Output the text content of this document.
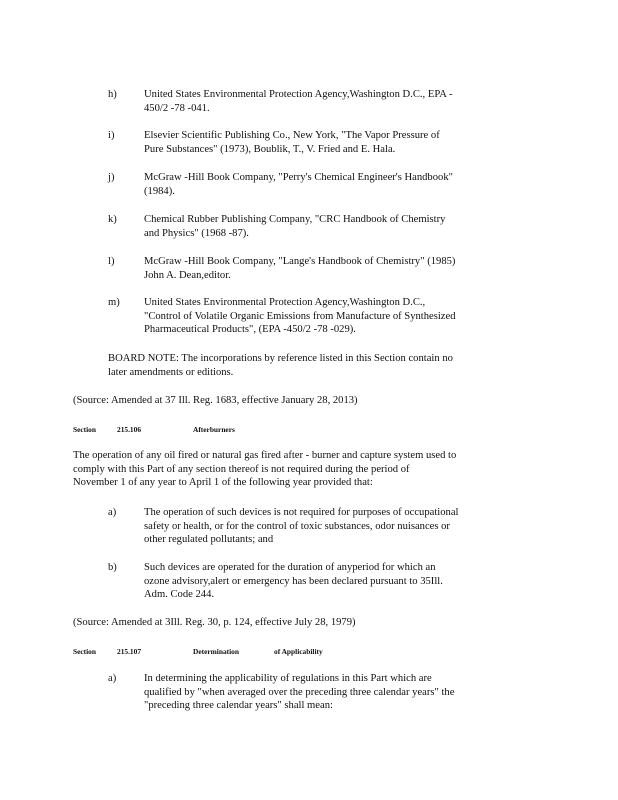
h)	United States Environmental Protection Agency,Washington D.C., EPA -
450/2 -78 -041.
i)	Elsevier Scientific Publishing Co., New York, "The Vapor Pressure of
Pure Substances" (1973), Boublik, T., V. Fried and E. Hala.
j)	McGraw -Hill Book Company, "Perry's Chemical Engineer's Handbook"
(1984).
k)	Chemical Rubber Publishing Company, "CRC Handbook of Chemistry
and Physics" (1968 -87).
l)	McGraw -Hill Book Company, "Lange's Handbook of Chemistry" (1985)
John A. Dean,editor.
m)	United States Environmental Protection Agency,Washington D.C.,
"Control of Volatile Organic Emissions from Manufacture of Synthesized
Pharmaceutical Products", (EPA -450/2 -78 -029).
BOARD NOTE: The incorporations by reference listed in this Section contain no
later amendments or editions.
(Source: Amended at 37 Ill. Reg. 1683, effective January 28, 2013)
Section	215.106	Afterburners
The operation of any oil fired or natural gas fired after - burner and capture system used to
comply with this Part of any section thereof is not required during the period of
November 1 of any year to April 1 of the following year provided that:
a)	The operation of such devices is not required for purposes of occupational
safety or health, or for the control of toxic substances, odor nuisances or
other regulated pollutants; and
b)	Such devices are operated for the duration of anyperiod for which an
ozone advisory,alert or emergency has been declared pursuant to 35Ill.
Adm. Code 244.
(Source: Amended at 3Ill. Reg. 30, p. 124, effective July 28, 1979)
Section	215.107	Determination	of Applicability
a)	In determining the applicability of regulations in this Part which are
qualified by "when averaged over the preceding three calendar years" the
"preceding three calendar years" shall mean:
